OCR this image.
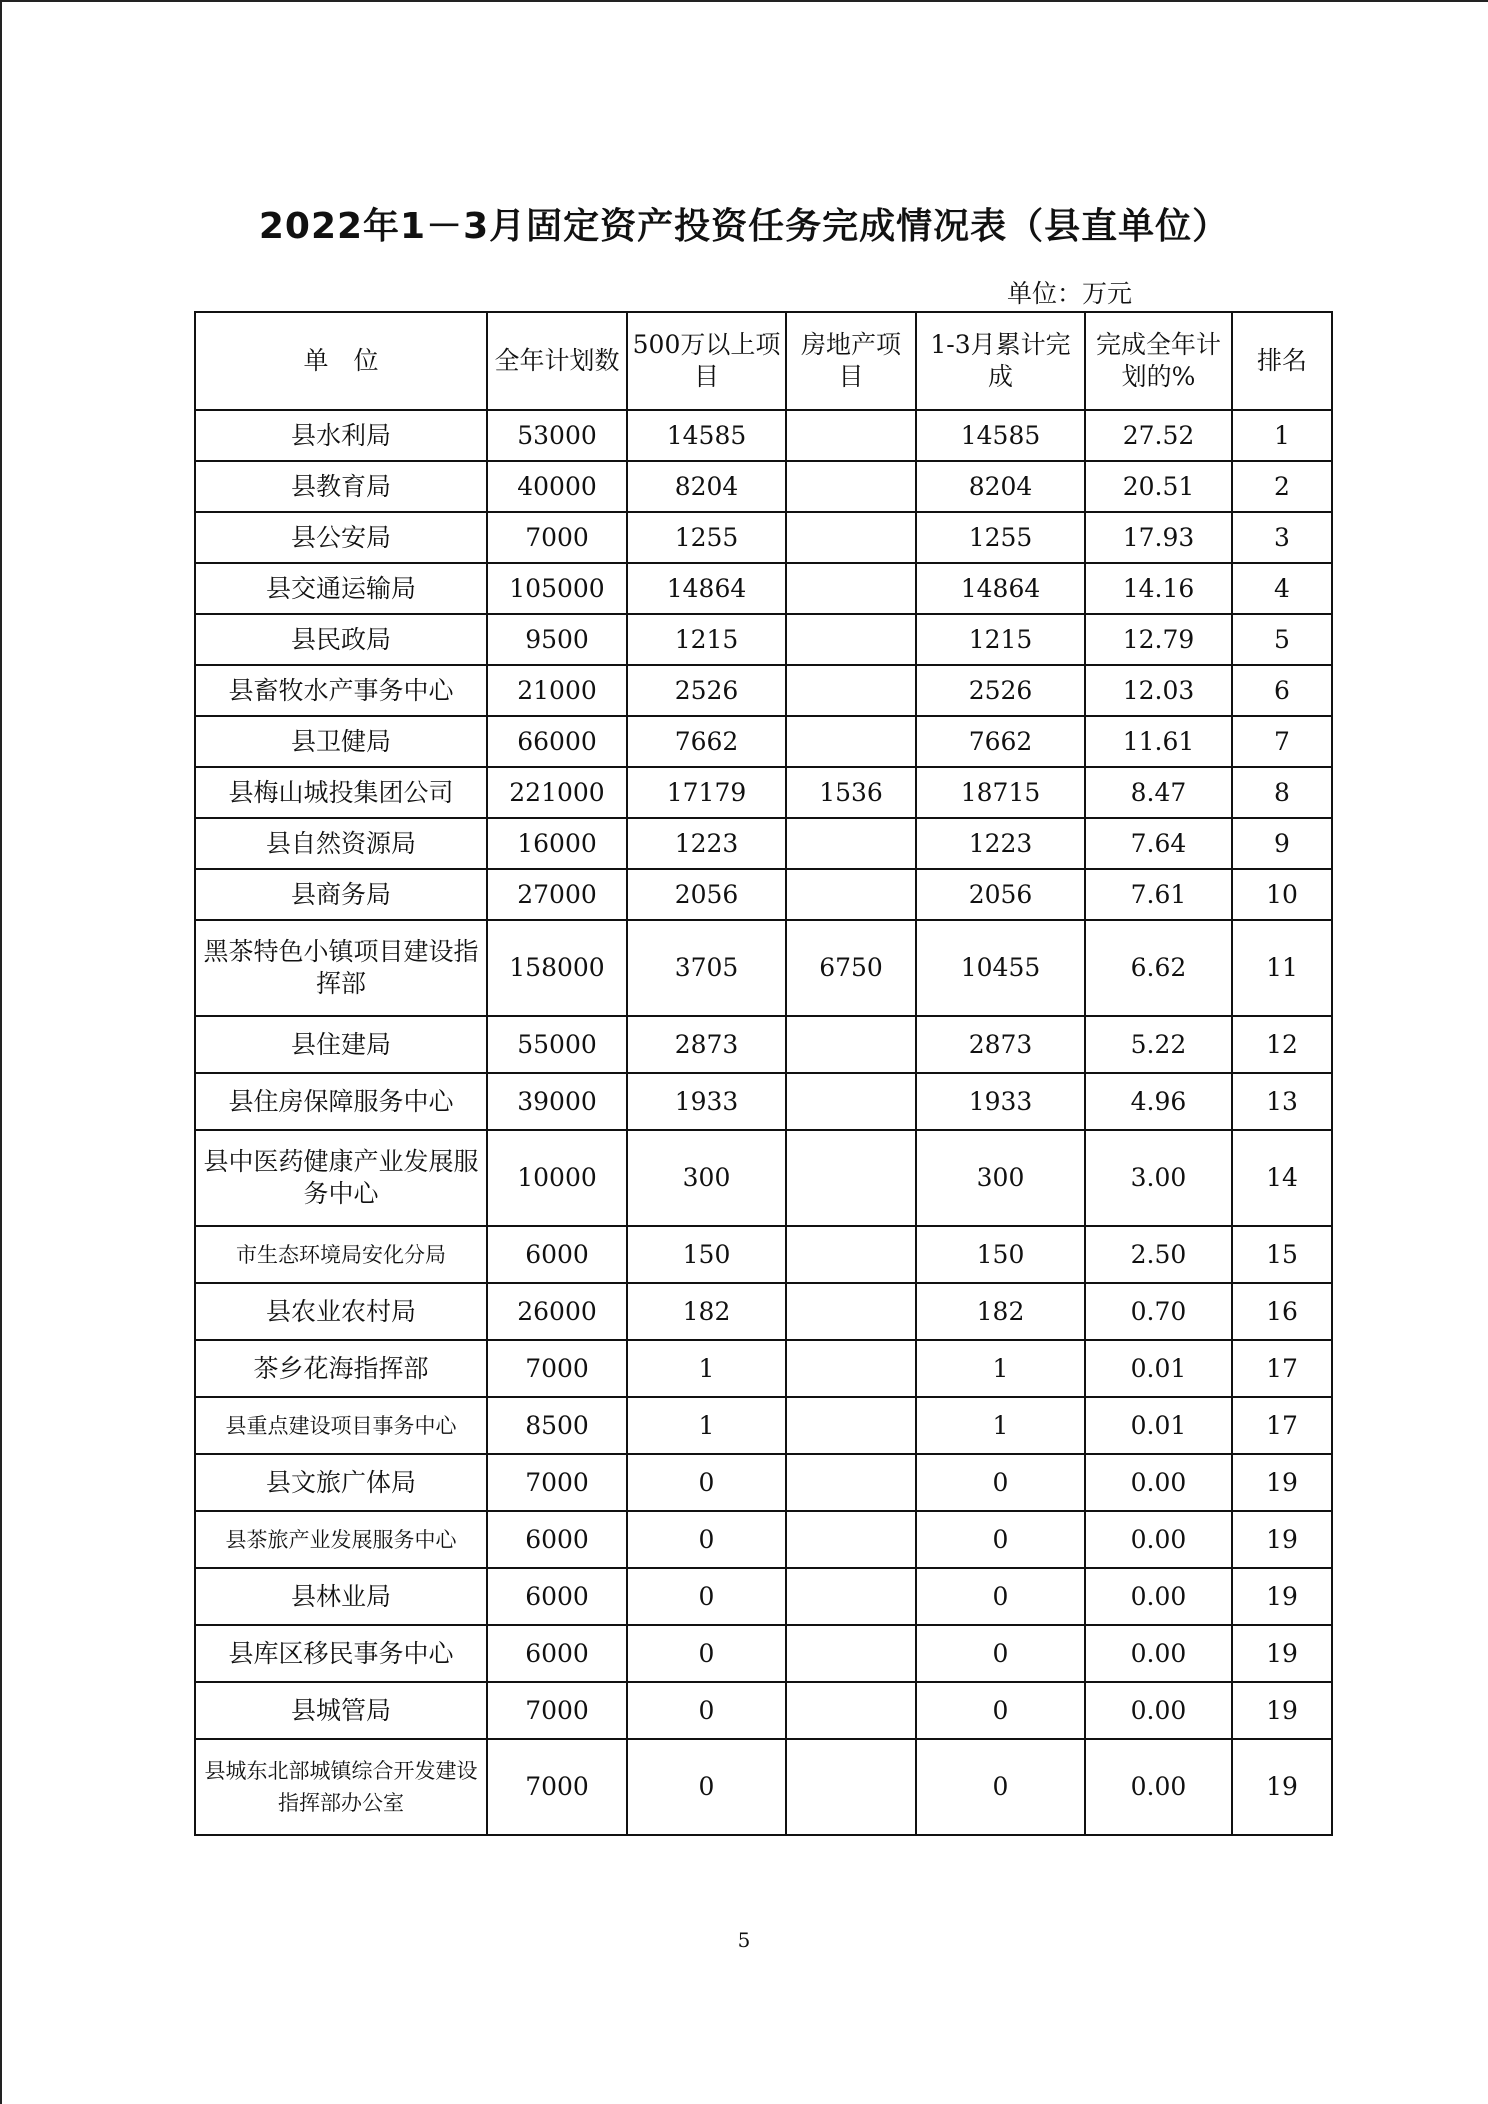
2022年1－3月固定资产投资任务完成情况表（县直单位）
单位：万元
单　位	全年计划数	500万以上项目	房地产项目	1-3月累计完成	完成全年计划的%	排名
县水利局	53000	14585		14585	27.52	1
县教育局	40000	8204		8204	20.51	2
县公安局	7000	1255		1255	17.93	3
县交通运输局	105000	14864		14864	14.16	4
县民政局	9500	1215		1215	12.79	5
县畜牧水产事务中心	21000	2526		2526	12.03	6
县卫健局	66000	7662		7662	11.61	7
县梅山城投集团公司	221000	17179	1536	18715	8.47	8
县自然资源局	16000	1223		1223	7.64	9
县商务局	27000	2056		2056	7.61	10
黑茶特色小镇项目建设指挥部	158000	3705	6750	10455	6.62	11
县住建局	55000	2873		2873	5.22	12
县住房保障服务中心	39000	1933		1933	4.96	13
县中医药健康产业发展服务中心	10000	300		300	3.00	14
市生态环境局安化分局	6000	150		150	2.50	15
县农业农村局	26000	182		182	0.70	16
茶乡花海指挥部	7000	1		1	0.01	17
县重点建设项目事务中心	8500	1		1	0.01	17
县文旅广体局	7000	0		0	0.00	19
县茶旅产业发展服务中心	6000	0		0	0.00	19
县林业局	6000	0		0	0.00	19
县库区移民事务中心	6000	0		0	0.00	19
县城管局	7000	0		0	0.00	19
县城东北部城镇综合开发建设指挥部办公室	7000	0		0	0.00	19
5
